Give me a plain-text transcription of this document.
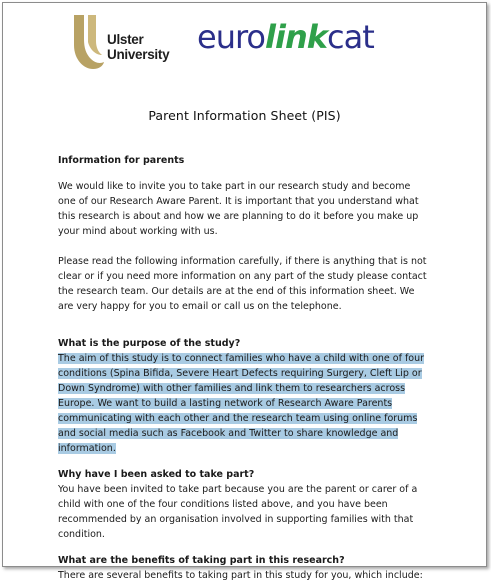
Ulster
University eurolinkcat
Parent Information Sheet (PIS)

Information for parents

We would like to invite you to take part in our research study and become one of our Research Aware Parent. It is important that you understand what this research is about and how we are planning to do it before you make up your mind about working with us.

Please read the following information carefully, if there is anything that is not clear or if you need more information on any part of the study please contact the research team. Our details are at the end of this information sheet. We are very happy for you to email or call us on the telephone.

What is the purpose of the study?

The aim of this study is to connect families who have a child with one of four conditions (Spina Bifida, Severe Heart Defects requiring Surgery, Cleft Lip or Down Syndrome) with other families and link them to researchers across Europe. We want to build a lasting network of Research Aware Parents communicating with each other and the research team using online forums and social media such as Facebook and Twitter to share knowledge and information.

Why have I been asked to take part?

You have been invited to take part because you are the parent or carer of a child with one of the four conditions listed above, and you have been recommended by an organisation involved in supporting families with that condition.

What are the benefits of taking part in this research?

There are several benefits to taking part in this study for you, which include:
